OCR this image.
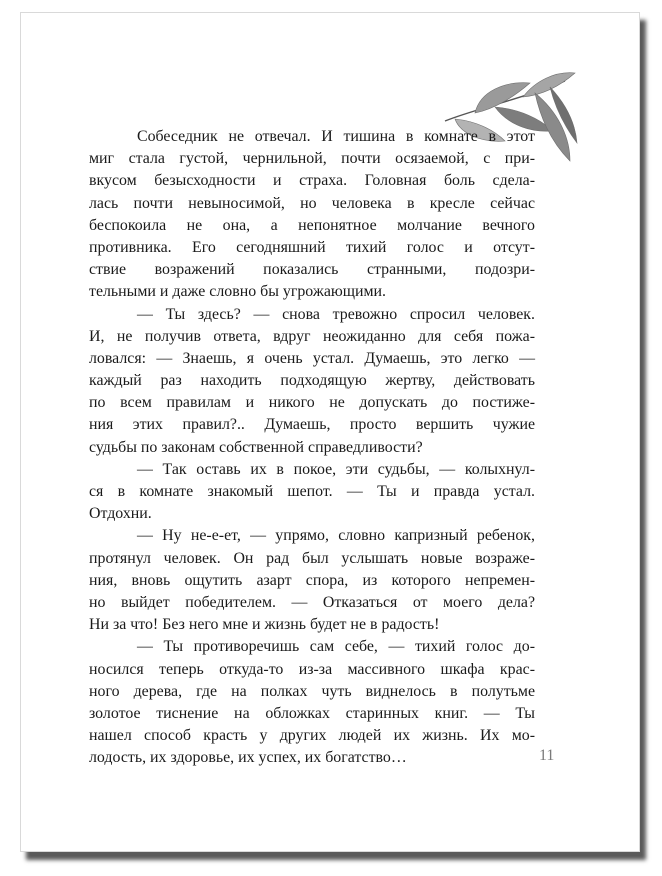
Собеседник не отвечал. И тишина в комнате в этот
миг стала густой, чернильной, почти осязаемой, с при-
вкусом безысходности и страха. Головная боль сдела-
лась почти невыносимой, но человека в кресле сейчас
беспокоила не она, а непонятное молчание вечного
противника. Его сегодняшний тихий голос и отсут-
ствие возражений показались странными, подозри-
тельными и даже словно бы угрожающими.
— Ты здесь? — снова тревожно спросил человек.
И, не получив ответа, вдруг неожиданно для себя пожа-
ловался: — Знаешь, я очень устал. Думаешь, это легко —
каждый раз находить подходящую жертву, действовать
по всем правилам и никого не допускать до постиже-
ния этих правил?.. Думаешь, просто вершить чужие
судьбы по законам собственной справедливости?
— Так оставь их в покое, эти судьбы, — колыхнул-
ся в комнате знакомый шепот. — Ты и правда устал.
Отдохни.
— Ну не-е-ет, — упрямо, словно капризный ребенок,
протянул человек. Он рад был услышать новые возраже-
ния, вновь ощутить азарт спора, из которого непремен-
но выйдет победителем. — Отказаться от моего дела?
Ни за что! Без него мне и жизнь будет не в радость!
— Ты противоречишь сам себе, — тихий голос до-
носился теперь откуда-то из-за массивного шкафа крас-
ного дерева, где на полках чуть виднелось в полутьме
золотое тиснение на обложках старинных книг. — Ты
нашел способ красть у других людей их жизнь. Их мо-
лодость, их здоровье, их успех, их богатство…	11
